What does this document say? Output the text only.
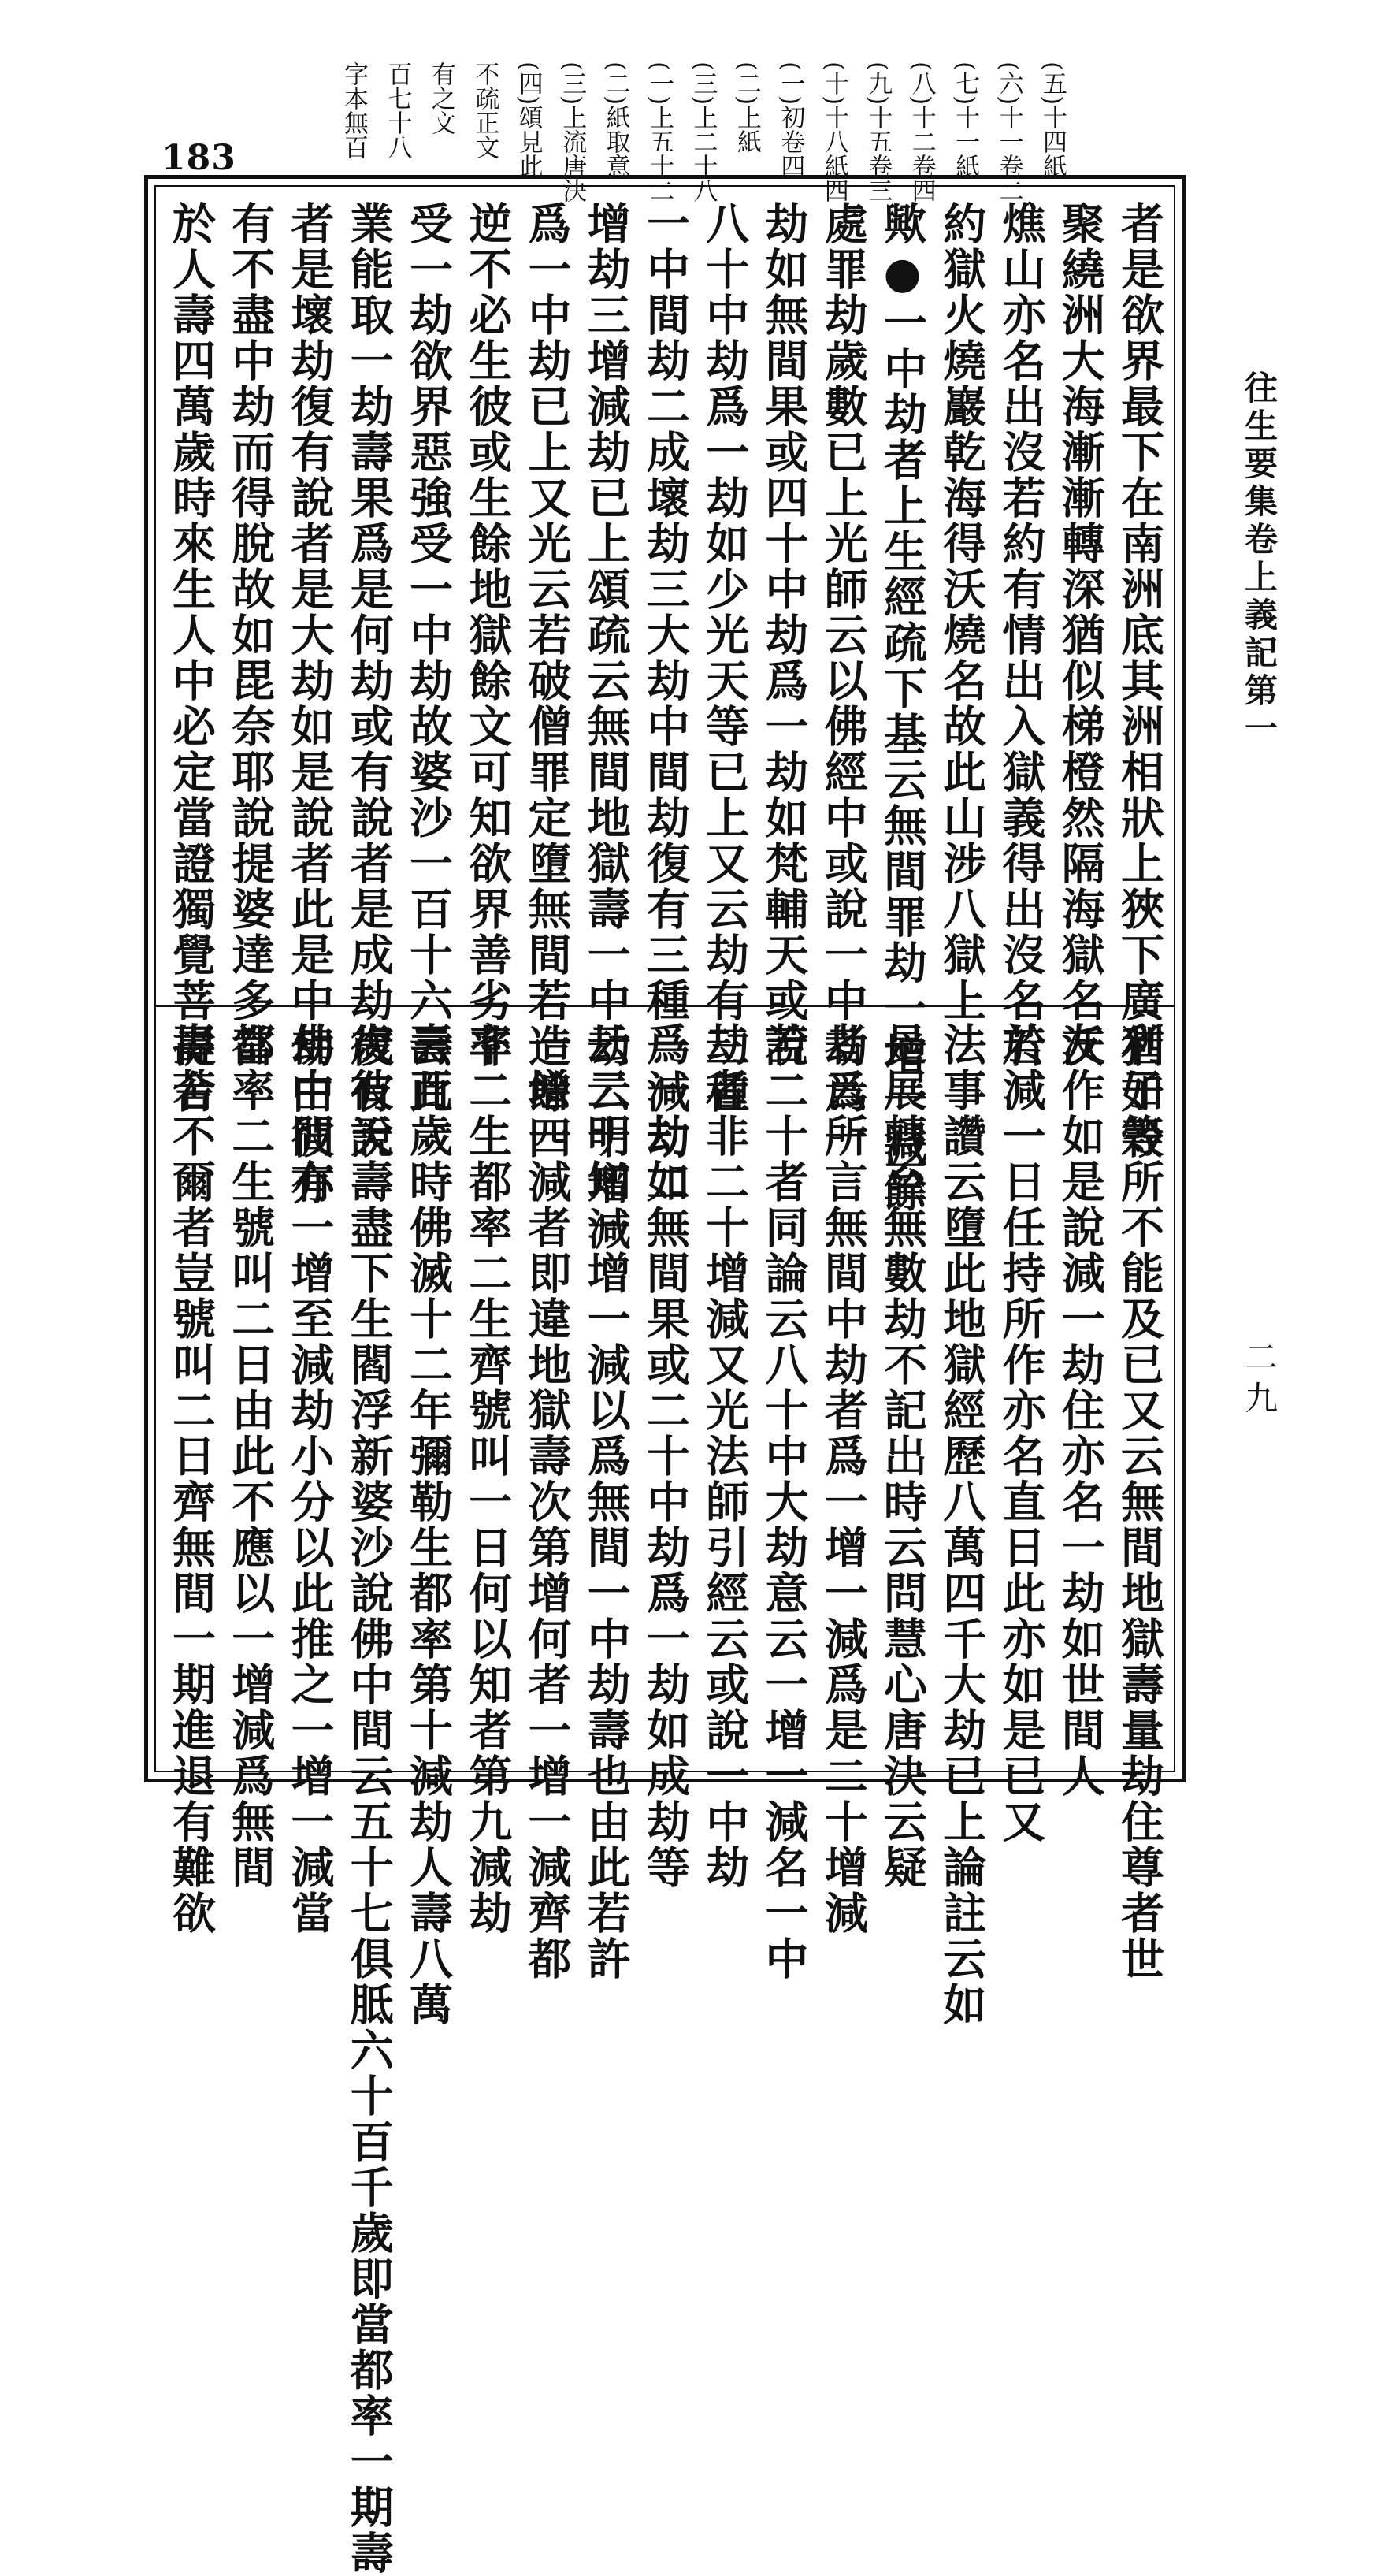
183	(五)十四紙
(六)十一卷二
(七)十一紙
(八)十二卷四
(九)十五卷三
(十)十八紙四
(一)初卷四
(二)上紙
(三)上二十八
(一)上五十二
(二)紙取意
(三)上流唐決
(四)頌見此
不疏正文
有之文
百七十八
字本無百
者是欲界最下在南洲底其洲相狀上狹下廣猶如穀
聚繞洲大海漸漸轉深猶似梯橙然隔海獄名沃
燋山亦名出沒若約有情出入獄義得出沒名若
約獄火燒巖乾海得沃燒名故此山涉八獄上
歟●一中劫者上生經疏下基云無間罪劫一增一減餘
處罪劫歲數已上光師云以佛經中或說一中劫爲一
劫如無間果或四十中劫爲一劫如梵輔天或說
八十中劫爲一劫如少光天等已上又云劫有三種
一中間劫二成壞劫三大劫中間劫復有三種一減劫二
增劫三增減劫已上頌疏云無間地獄壽一中劫二十增減
爲一中劫已上又光云若破僧罪定墮無間若造餘四
逆不必生彼或生餘地獄餘文可知欲界善劣非
受一劫欲界惡強受一中劫故婆沙一百十六云此
業能取一劫壽果爲是何劫或有說者是成劫復有說
者是壞劫復有說者是大劫如是說者此是中劫由彼亦
有不盡中劫而得脫故如毘奈耶說提婆達多當
於人壽四萬歲時來生人中必定當證獨覺菩提舍
利子等所不能及已又云無間地獄壽量劫住尊者世
友作如是說減一劫住亦名一劫如世間人
於減一日任持所作亦名直日此亦如是已又
法事讚云墮此地獄經歷八萬四千大劫已上論註云如
是展轉至無數劫不記出時云問慧心唐決云疑
者云所言無間中劫者爲一增一減爲是二十增減
若二十者同論云八十中大劫意云一增一減名一中
劫者非二十增減又光法師引經云或說一中劫
爲一劫如無間果或二十中劫爲一劫如成劫等
云云明知一增一減以爲無間一中劫壽也由此若許
一增一減者即違地獄壽次第增何者一增一減齊都
率二生都率二生齊號叫一日何以知者第九減劫
壽百歲時佛滅十二年彌勒生都率第十減劫人壽八萬
歲彼天壽盡下生閻浮新婆沙說佛中間云五十七俱胝六十百千歲即當都率一期壽
佛中間有一增至減劫小分以此推之一增一減當
都率二生號叫二日由此不應以一增減爲無間
壽若不爾者豈號叫二日齊無間一期進退有難欲
往生要集卷上義記第一
二九
